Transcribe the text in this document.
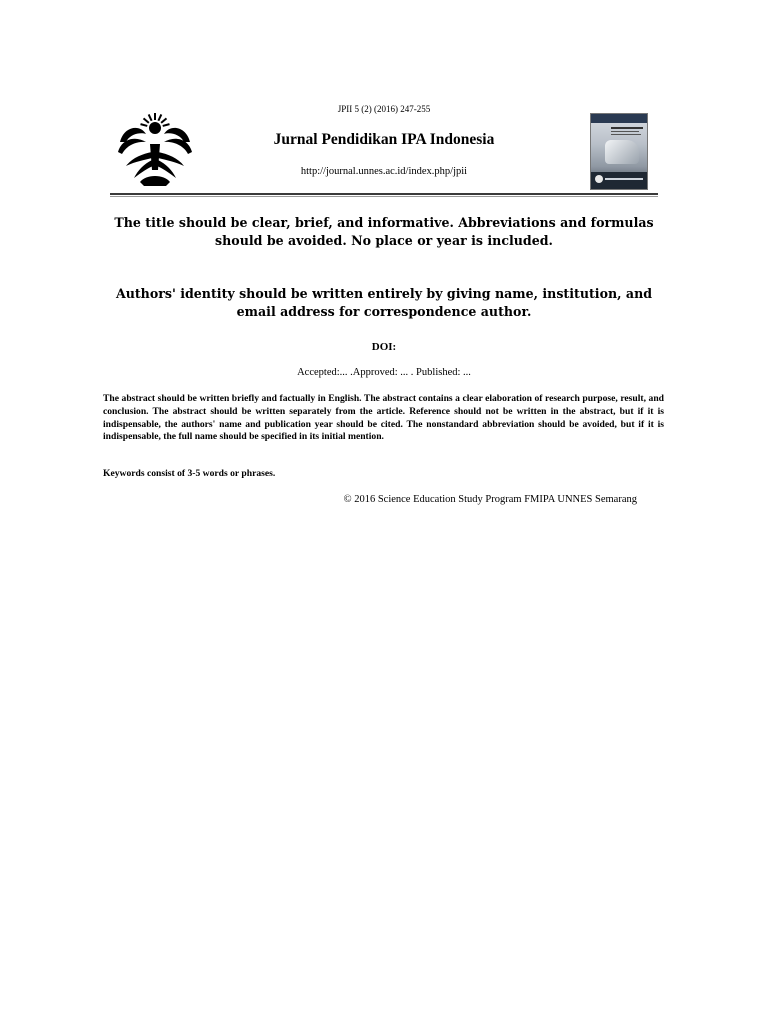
JPII 5 (2) (2016) 247-255
Jurnal Pendidikan IPA Indonesia
http://journal.unnes.ac.id/index.php/jpii
The title should be clear, brief, and informative. Abbreviations and formulas should be avoided. No place or year is included.
Authors' identity should be written entirely by giving name, institution, and email address for correspondence author.
DOI:
Accepted:... .Approved: ... . Published: ...
The abstract should be written briefly and factually in English. The abstract contains a clear elaboration of research purpose, result, and conclusion. The abstract should be written separately from the article. Reference should not be written in the abstract, but if it is indispensable, the authors' name and publication year should be cited. The nonstandard abbreviation should be avoided, but if it is indispensable, the full name should be specified in its initial mention.
Keywords consist of 3-5 words or phrases.
© 2016 Science Education Study Program FMIPA UNNES Semarang
